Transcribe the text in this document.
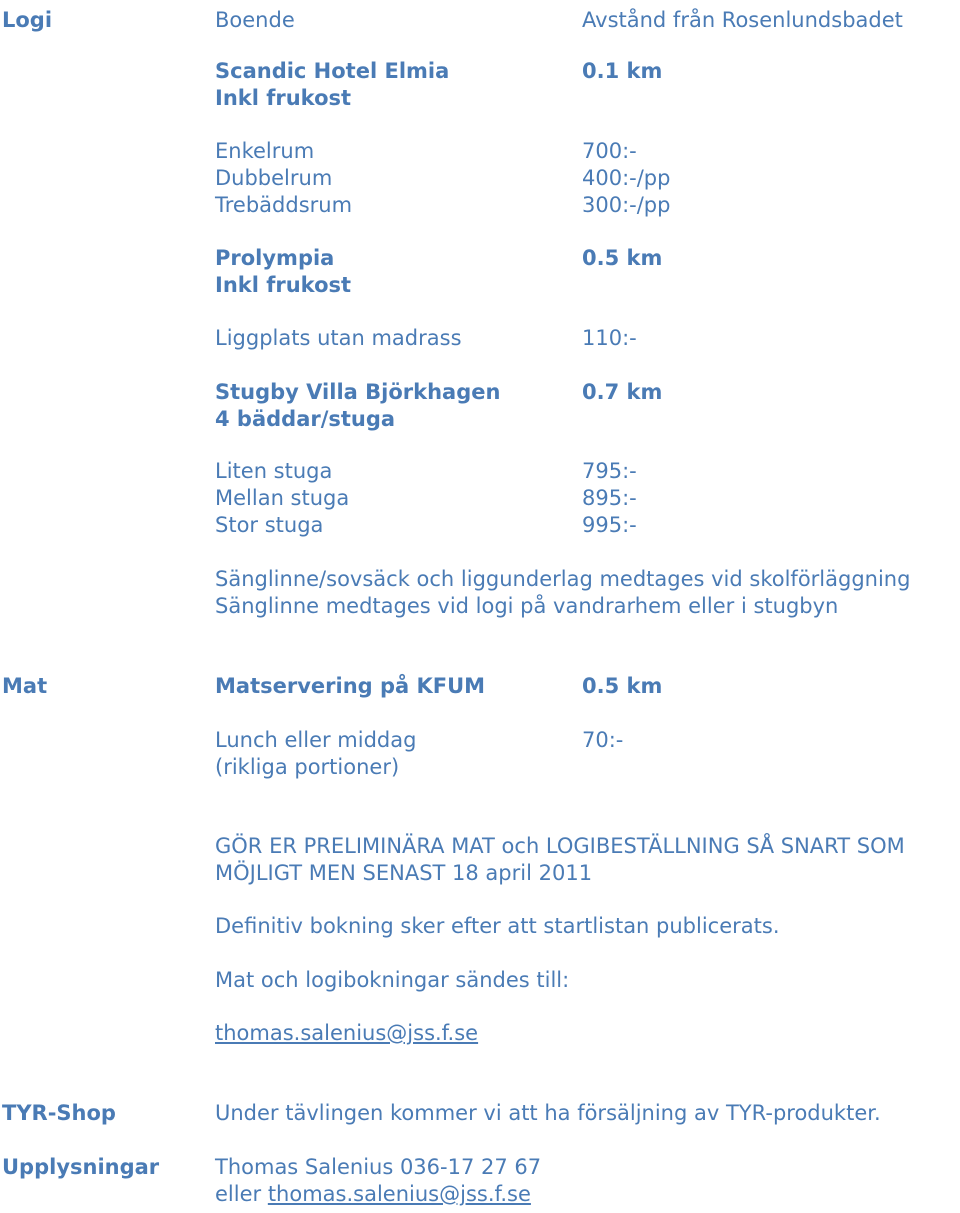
Logi	Boende	Avstånd från Rosenlundsbadet
Scandic Hotel Elmia	0.1 km
Inkl frukost
Enkelrum	700:-
Dubbelrum	400:-/pp
Trebäddsrum	300:-/pp
Prolympia	0.5 km
Inkl frukost
Liggplats utan madrass	110:-
Stugby Villa Björkhagen	0.7 km
4 bäddar/stuga
Liten stuga	795:-
Mellan stuga	895:-
Stor stuga	995:-
Sänglinne/sovsäck och liggunderlag medtages vid skolförläggning
Sänglinne medtages vid logi på vandrarhem eller i stugbyn
Mat	Matservering på KFUM	0.5 km
Lunch eller middag	70:-
(rikliga portioner)
GÖR ER PRELIMINÄRA MAT och LOGIBESTÄLLNING SÅ SNART SOM
MÖJLIGT MEN SENAST 18 april 2011
Definitiv bokning sker efter att startlistan publicerats.
Mat och logibokningar sändes till:
thomas.salenius@jss.f.se
TYR-Shop	Under tävlingen kommer vi att ha försäljning av TYR-produkter.
Upplysningar	Thomas Salenius 036-17 27 67
eller thomas.salenius@jss.f.se
